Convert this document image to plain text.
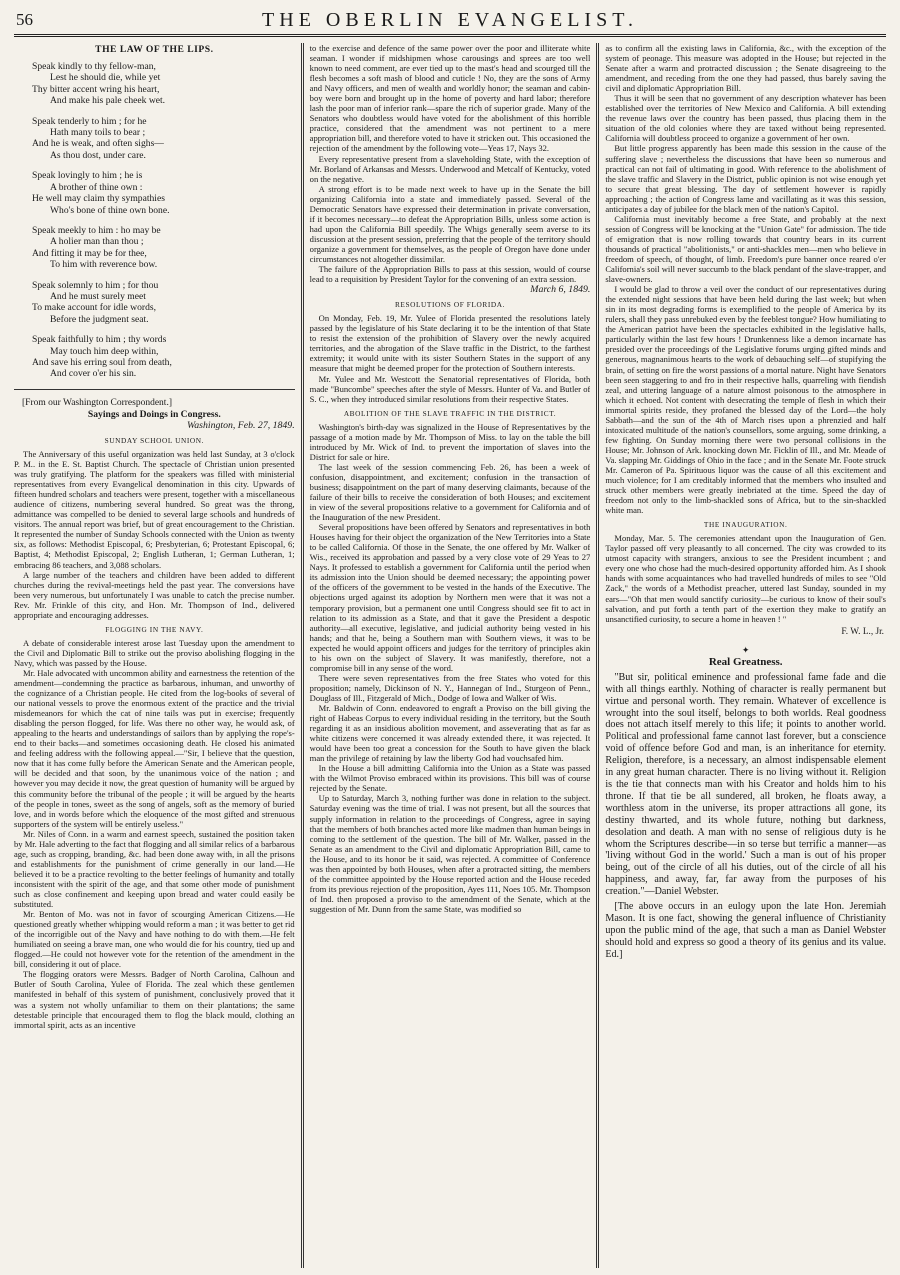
56	THE OBERLIN EVANGELIST.
THE LAW OF THE LIPS.
Speak kindly to thy fellow-man,
Lest he should die, while yet
Thy bitter accent wring his heart,
And make his pale cheek wet.
Speak tenderly to him ; for he
Hath many toils to bear ;
And he is weak, and often sighs—
As thou dost, under care.
Speak lovingly to him ; he is
A brother of thine own :
He well may claim thy sympathies
Who's bone of thine own bone.
Speak meekly to him : ho may be
A holier man than thou ;
And fitting it may be for thee,
To him with reverence bow.
Speak solemnly to him ; for thou
And he must surely meet
To make account for idle words,
Before the judgment seat.
Speak faithfully to him ; thy words
May touch him deep within,
And save his erring soul from death,
And cover o'er his sin.
[From our Washington Correspondent.]
Sayings and Doings in Congress.
Washington, Feb. 27, 1849.
SUNDAY SCHOOL UNION.

The Anniversary of this useful organization was held last Sunday, at 3 o'clock P. M.. in the E. St. Baptist Church. The spectacle of Christian union presented was truly gratifying. The platform for the speakers was filled with ministerial representatives from every Evangelical denomination in this city. Upwards of fifteen hundred scholars and teachers were present, together with a miscellaneous audience of citizens, numbering several hundred. So great was the throng, admittance was compelled to be denied to several large schools and hundreds of visitors. The annual report was brief, but of great encouragement to the Christian. It represented the number of Sunday Schools connected with the Union as twenty six, as follows: Methodist Episcopal, 6; Presbyterian, 6; Protestant Episcopal, 6; Baptist, 4; Methodist Episcopal, 2; English Lutheran, 1; German Lutheran, 1; embracing 86 teachers, and 3,088 scholars.

A large number of the teachers and children have been added to different churches during the revival-meetings held the past year. The conversions have been very numerous, but unfortunately I was unable to catch the precise number. Rev. Mr. Frinkle of this city, and Hon. Mr. Thompson of Ind., delivered appropriate and encouraging addresses.

FLOGGING IN THE NAVY.

A debate of considerable interest arose last Tuesday upon the amendment to the Civil and Diplomatic Bill to strike out the proviso abolishing flogging in the Navy, which was passed by the House.

Mr. Hale advocated with uncommon ability and earnestness the retention of the amendment—condemning the practice as barbarous, inhuman, and unworthy of the cognizance of a Christian people. He cited from the log-books of several of our national vessels to prove the enormous extent of the practice and the trivial misdemeanors for which the cat of nine tails was put in exercise; frequently disabling the person flogged, for life. Was there no other way, he would ask, of appealing to the hearts and understandings of sailors than by applying the rope's-end to their backs—and sometimes occasioning death. He closed his animated and feeling address with the following appeal.—"Sir, I believe that the question, now that it has come fully before the American Senate and the American people, will be decided and that soon, by the unanimous voice of the nation ; and however you may decide it now, the great question of humanity will be argued by this community before the tribunal of the people ; it will be argued by the hearts of the people in tones, sweet as the song of angels, soft as the memory of buried love, and in words before which the eloquence of the most gifted and strenuous supporters of the system will be entirely useless."

Mr. Niles of Conn. in a warm and earnest speech, sustained the position taken by Mr. Hale adverting to the fact that flogging and all similar relics of a barbarous age, such as cropping, branding, &c. had been done away with, in all the prisons and establishments for the punishment of crime generally in our land.—He believed it to be a practice revolting to the better feelings of humanity and totally inconsistent with the spirit of the age, and that some other mode of punishment such as close confinement and keeping upon bread and water could easily be substituted.

Mr. Benton of Mo. was not in favor of scourging American Citizens.—He questioned greatly whether whipping would reform a man ; it was better to get rid of the incorrigible out of the Navy and have nothing to do with them.—He felt humiliated on seeing a brave man, one who would die for his country, tied up and flogged.—He could not however vote for the retention of the amendment in the bill, considering it out of place.

The flogging orators were Messrs. Badger of North Carolina, Calhoun and Butler of South Carolina, Yulee of Florida. The zeal which these gentlemen manifested in behalf of this system of punishment, conclusively proved that it was a system not wholly unfamiliar to them on their plantations; the same detestable principle that encouraged them to flog the black mould, clothing an immortal spirit, acts as an incentive

to the exercise and defence of the same power over the poor and illiterate white seaman. I wonder if midshipmen whose carousings and sprees are too well known to need comment, are ever tied up to the mast's head and scourged till the flesh becomes a soft mash of blood and cuticle ! No, they are the sons of Army and Navy officers, and men of wealth and worldly honor; the seaman and cabin-boy were born and brought up in the home of poverty and hard labor; therefore lash the poor man of inferior rank—spare the rich of superior grade. Many of the Senators who doubtless would have voted for the abolishment of this horrible practice, considered that the amendment was not pertinent to a mere appropriation bill, and therefore voted to have it stricken out. This occasioned the rejection of the amendment by the following vote—Yeas 17, Nays 32.

Every representative present from a slaveholding State, with the exception of Mr. Borland of Arkansas and Messrs. Underwood and Metcalf of Kentucky, voted on the negative.

A strong effort is to be made next week to have up in the Senate the bill organizing California into a state and immediately passed. Several of the Democratic Senators have expressed their determination in private conversation, if it becomes necessary—to defeat the Appropriation Bills, unless some action is had upon the California Bill speedily. The Whigs generally seem averse to its discussion at the present session, preferring that the people of the territory should organize a government for themselves, as the people of Oregon have done under circumstances not altogether dissimilar.

The failure of the Appropriation Bills to pass at this session, would of course lead to a requisition by President Taylor for the convening of an extra session.

March 6, 1849.
RESOLUTIONS OF FLORIDA.

On Monday, Feb. 19, Mr. Yulee of Florida presented the resolutions lately passed by the legislature of his State declaring it to be the intention of that State to resist the extension of the prohibition of Slavery over the newly acquired territories, and the abrogation of the Slave traffic in the District, to the farthest extremity; it would unite with its sister Southern States in the support of any measure that might be deemed proper for the protection of Southern interests.

Mr. Yulee and Mr. Westcott the Senatorial representatives of Florida, both made "Buncombe" speeches after the style of Messrs. Hunter of Va. and Butler of S. C., when they introduced similar resolutions from their respective States.

ABOLITION OF THE SLAVE TRAFFIC IN THE DISTRICT.

Washington's birth-day was signalized in the House of Representatives by the passage of a motion made by Mr. Thompson of Miss. to lay on the table the bill introduced by Mr. Wick of Ind. to prevent the importation of slaves into the District for sale or hire.

The last week of the session commencing Feb. 26, has been a week of confusion, disappointment, and excitement; confusion in the transaction of business; disappointment on the part of many deserving claimants, because of the failure of their bills to receive the consideration of both Houses; and excitement in view of the several propositions relative to a government for California and of the Inauguration of the new President.

Several propositions have been offered by Senators and representatives in both Houses having for their object the organization of the New Territories into a State to be called California. Of those in the Senate, the one offered by Mr. Walker of Wis., received its approbation and passed by a very close vote of 29 Yeas to 27 Nays. It professed to establish a government for California until the period when its admission into the Union should be deemed necessary; the appointing power of the officers of the government to be vested in the hands of the Executive. The objections urged against its adoption by Northern men were that it was not a temporary provision, but a permanent one until Congress should see fit to act in relation to its admission as a State, and that it gave the President a despotic authority—all executive, legislative, and judicial authority being vested in his hands; and that he, being a Southern man with Southern views, it was to be expected he would appoint officers and judges for the territory of principles akin to his own on the subject of Slavery. It was manifestly, therefore, not a compromise bill in any sense of the word.

There were seven representatives from the free States who voted for this proposition; namely, Dickinson of N. Y., Hannegan of Ind., Sturgeon of Penn., Douglass of Ill., Fitzgerald of Mich., Dodge of Iowa and Walker of Wis.

Mr. Baldwin of Conn. endeavored to engraft a Proviso on the bill giving the right of Habeas Corpus to every individual residing in the territory, but the South regarding it as an insidious abolition movement, and asseverating that as far as white citizens were concerned it was already extended there, it was rejected. It would have been too great a concession for the South to have given the black man the privilege of retaining by law the liberty God had vouchsafed him.

In the House a bill admitting California into the Union as a State was passed with the Wilmot Proviso embraced within its provisions. This bill was of course rejected by the Senate.

Up to Saturday, March 3, nothing further was done in relation to the subject. Saturday evening was the time of trial. I was not present, but all the sources that supply information in relation to the proceedings of Congress, agree in saying that the members of both branches acted more like madmen than human beings in coming to the settlement of the question. The bill of Mr. Walker, passed in the Senate as an amendment to the Civil and diplomatic Appropriation Bill, came to the House, and to its honor be it said, was rejected. A committee of Conference was then appointed by both Houses, when after a protracted sitting, the members of the committee appointed by the House reported action and the House receded from its previous rejection of the proposition, Ayes 111, Noes 105. Mr. Thompson of Ind. then proposed a proviso to the amendment of the Senate, which at the suggestion of Mr. Dunn from the same State, was modified so

as to confirm all the existing laws in California, &c., with the exception of the system of peonage. This measure was adopted in the House; but rejected in the Senate after a warm and protracted discussion ; the Senate disagreeing to the amendment, and receding from the one they had passed, thus barely saving the civil and diplomatic Appropriation Bill.

Thus it will be seen that no government of any description whatever has been established over the territories of New Mexico and California. A bill extending the revenue laws over the country has been passed, thus placing them in the situation of the old colonies where they are taxed without being represented. California will doubtless proceed to organize a government of her own.

But little progress apparently has been made this session in the cause of the suffering slave ; nevertheless the discussions that have been so numerous and practical can not fail of ultimating in good. With reference to the abolishment of the slave traffic and Slavery in the District, public opinion is not wise enough yet to secure that great blessing. The day of settlement however is rapidly approaching ; the action of Congress lame and vacillating as it was this session, anticipates a day of jubilee for the black men of the nation's Capitol.

California must inevitably become a free State, and probably at the next session of Congress will be knocking at the "Union Gate" for admission. The tide of emigration that is now rolling towards that country bears in its current thousands of practical "abolitionists," or anti-shackles men—men who believe in freedom of speech, of thought, of limb. Freedom's pure banner once reared o'er California's soil will never succumb to the black pendant of the slave-trapper, and slave-owners.

I would be glad to throw a veil over the conduct of our representatives during the extended night sessions that have been held during the last week; but when sin in its most degrading forms is exemplified to the people of America by its rulers, shall they pass unrebuked even by the feeblest tongue? How humiliating to the American patriot have been the spectacles exhibited in the legislative halls, particularly within the last few hours ! Drunkenness like a demon incarnate has presided over the proceedings of the Legislative forums urging gifted minds and generous, magnanimous hearts to the work of debauching self—of stupifying the brain, of setting on fire the worst passions of a mortal nature. Night have Senators been seen staggering to and fro in their respective halls, quarreling with fiendish zeal, and uttering language of a nature almost poisonous to the atmosphere in which it echoed. Not content with desecrating the temple of flesh in which their immortal spirits reside, they profaned the blessed day of the Lord—the holy Sabbath—and the sun of the 4th of March rises upon a phrenzied and half intoxicated multitude of the nation's counsellors, some arguing, some drinking, a few fighting. On Sunday morning there were two personal collisions in the House; Mr. Johnson of Ark. knocking down Mr. Ficklin of Ill., and Mr. Meade of Va. slapping Mr. Giddings of Ohio in the face ; and in the Senate Mr. Foote struck Mr. Cameron of Pa. Spirituous liquor was the cause of all this excitement and much violence; for I am creditably informed that the members who insulted and struck other members were greatly inebriated at the time. Speed the day of freedom not only to the limb-shackled sons of Africa, but to the sin-shackled white man.

THE INAUGURATION.

Monday, Mar. 5. The ceremonies attendant upon the Inauguration of Gen. Taylor passed off very pleasantly to all concerned. The city was crowded to its utmost capacity with strangers, anxious to see the President incumbent ; and every one who chose had the much-desired opportunity afforded him. As I shook hands with some acquaintances who had travelled hundreds of miles to see "Old Zack," the words of a Methodist preacher, uttered last Sunday, sounded in my ears—"Oh that men would sanctify curiosity—be curious to know of their soul's salvation, and put forth a tenth part of the exertion they make to gratify an unsanctified curiosity, to secure a home in heaven ! "

F. W. L., Jr.
✦
Real Greatness.

"But sir, political eminence and professional fame fade and die with all things earthly. Nothing of character is really permanent but virtue and personal worth. They remain. Whatever of excellence is wrought into the soul itself, belongs to both worlds. Real goodness does not attach itself merely to this life; it points to another world. Political and professional fame cannot last forever, but a conscience void of offence before God and man, is an inheritance for eternity. Religion, therefore, is a necessary, an almost indispensable element in any great human character. There is no living without it. Religion is the tie that connects man with his Creator and holds him to his throne. If that tie be all sundered, all broken, he floats away, a worthless atom in the universe, its proper attractions all gone, its destiny thwarted, and its whole future, nothing but darkness, desolation and death. A man with no sense of religious duty is he whom the Scriptures describe—in so terse but terrific a manner—as 'living without God in the world.' Such a man is out of his proper being, out of the circle of all his duties, out of the circle of all his happiness, and away, far, far away from the purposes of his creation."—Daniel Webster.

[The above occurs in an eulogy upon the late Hon. Jeremiah Mason. It is one fact, showing the general influence of Christianity upon the public mind of the age, that such a man as Daniel Webster should hold and express so good a theory of its genius and its value. Ed.]
